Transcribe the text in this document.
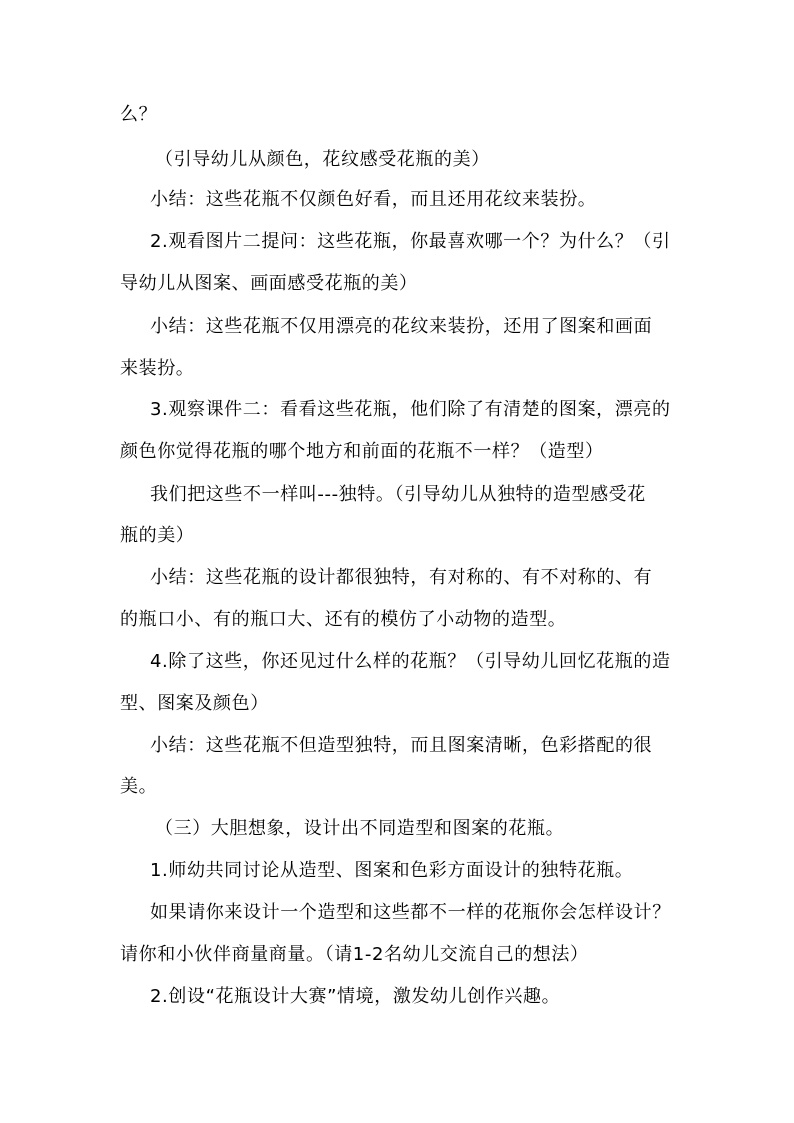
么？

（引导幼儿从颜色，花纹感受花瓶的美）

小结：这些花瓶不仅颜色好看，而且还用花纹来装扮。

2.观看图片二提问：这些花瓶，你最喜欢哪一个？为什么？（引

导幼儿从图案、画面感受花瓶的美）

小结：这些花瓶不仅用漂亮的花纹来装扮，还用了图案和画面

来装扮。

3.观察课件二：看看这些花瓶，他们除了有清楚的图案，漂亮的

颜色你觉得花瓶的哪个地方和前面的花瓶不一样？（造型）

我们把这些不一样叫---独特。（引导幼儿从独特的造型感受花

瓶的美）

小结：这些花瓶的设计都很独特，有对称的、有不对称的、有

的瓶口小、有的瓶口大、还有的模仿了小动物的造型。

4.除了这些，你还见过什么样的花瓶？（引导幼儿回忆花瓶的造

型、图案及颜色）

小结：这些花瓶不但造型独特，而且图案清晰，色彩搭配的很

美。

（三）大胆想象，设计出不同造型和图案的花瓶。

1.师幼共同讨论从造型、图案和色彩方面设计的独特花瓶。

如果请你来设计一个造型和这些都不一样的花瓶你会怎样设计？

请你和小伙伴商量商量。（请1-2名幼儿交流自己的想法）

2.创设“花瓶设计大赛”情境，激发幼儿创作兴趣。
